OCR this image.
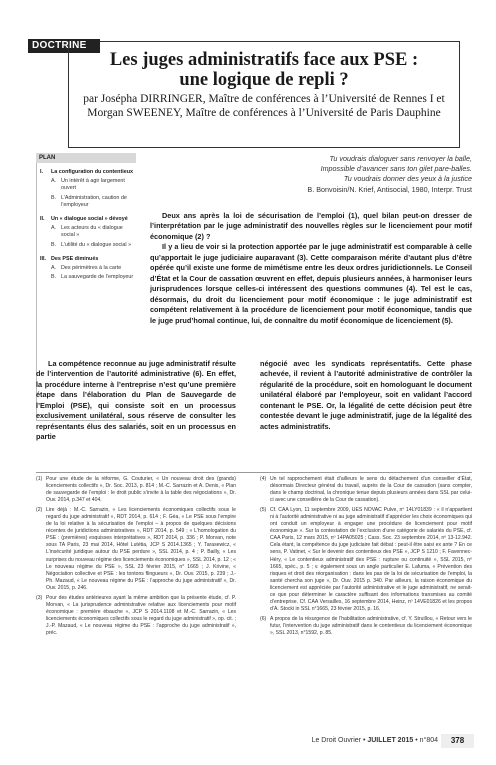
DOCTRINE
Les juges administratifs face aux PSE :
une logique de repli ?
par Josépha DIRRINGER, Maître de conférences à l’Université de Rennes I et
Morgan SWEENEY, Maître de conférences à l’Université de Paris Dauphine
PLAN
I.	La configuration du contentieux
A. Un intérêt à agir largement ouvert
B. L’Administration, caution de l’employeur
II.	Un « dialogue social » dévoyé
A. Les acteurs du « dialogue social »
B. L’utilité du « dialogue social »
III. Des PSE diminués
A. Des périmètres à la carte
B. La sauvegarde de l’employeur
Tu voudrais dialoguer sans renvoyer la balle,
Impossible d’avancer sans ton gilet pare-balles.
Tu voudrais donner des yeux à la justice
B. Bonvoisin/N. Krief, Antisocial, 1980, Interpr. Trust

Deux ans après la loi de sécurisation de l’emploi (1), quel bilan peut-on dresser de l’interprétation par le juge administratif des nouvelles règles sur le licenciement pour motif économique (2) ?

Il y a lieu de voir si la protection apportée par le juge administratif est comparable à celle qu’apportait le juge judiciaire auparavant (3). Cette comparaison mérite d’autant plus d’être opérée qu’il existe une forme de mimétisme entre les deux ordres juridictionnels. Le Conseil d’État et la Cour de cassation œuvrent en effet, depuis plusieurs années, à harmoniser leurs jurisprudences lorsque celles-ci intéressent des questions communes (4). Tel est le cas, désormais, du droit du licenciement pour motif économique : le juge administratif est compétent relativement à la procédure de licenciement pour motif économique, tandis que le juge prud’homal continue, lui, de connaître du motif économique de licenciement (5).

La compétence reconnue au juge administratif résulte de l’intervention de l’autorité administrative (6). En effet, la procédure interne à l’entreprise n’est qu’une première étape dans l’élaboration du Plan de Sauvegarde de l’Emploi (PSE), qui consiste soit en un processus exclusivement unilatéral, sous réserve de consulter les représentants élus des salariés, soit en un processus en partie

négocié avec les syndicats représentatifs. Cette phase achevée, il revient à l’autorité administrative de contrôler la régularité de la procédure, soit en homologuant le document unilatéral élaboré par l’employeur, soit en validant l’accord contenant le PSE. Or, la légalité de cette décision peut être contestée devant le juge administratif, juge de la légalité des actes administratifs.

(1) Pour une étude de la réforme, G. Couturier, « Un nouveau droit des (grands) licenciements collectifs », Dr. Soc. 2013, p. 814 ; M.-C. Sarrazin et A. Denis, « Plan de sauvegarde de l’emploi : le droit public s’invite à la table des négociations », Dr. Ouv. 2014, p.347 et 404.
(2) Lire déjà : M.-C. Sarrazin, « Les licenciements économiques collectifs sous le regard du juge administratif », RDT 2014, p. 614 ; F. Géa, « Le PSE sous l’empire de la loi relative à la sécurisation de l’emploi – à propos de quelques décisions récentes de juridictions administratives », RDT 2014, p. 549 ; « L’homologation du PSE : (premières) esquisses interprétatives », RDT 2014, p. 336 ; P. Morvan, note sous TA Paris, 23 mai 2014, Hôtel Lutétia, JCP S 2014.1365 ; Y. Tarasewicz, « L’insécurité juridique autour du PSE perdure », SSL 2014, p. 4 ; P. Bailly, « Les surprises du nouveau régime des licenciements économiques », SSL 2014, p. 12 ; « Le nouveau régime du PSE », SSL 23 février 2015, n° 1665 ; J. Krivine, « Négociation collective et PSE : les tontons flingueurs », Dr. Ouv. 2015, p. 239 ; J.-Ph. Mazaud, « Le nouveau régime du PSE : l’approche du juge administratif », Dr. Ouv. 2015, p. 246.
(3) Pour des études antérieures ayant la même ambition que la présente étude, cf. P. Morvan, « La jurisprudence administrative relative aux licenciements pour motif économique : première ébauche », JCP S 2014.1108 et M.-C. Sarrazin, « Les licenciements économiques collectifs sous le regard du juge administratif », op. cit. ; J.-P. Mazaud, « Le nouveau régime du PSE : l’approche du juge administratif », préc.
(4) Un tel rapprochement était d’ailleurs le sens du détachement d’un conseiller d’État, désormais Directeur général du travail, auprès de la Cour de cassation (sans compter, dans le champ doctrinal, la chronique tenue depuis plusieurs années dans SSL par celui-ci avec une conseillère de la Cour de cassation).
(5) Cf. CAA Lyon, 11 septembre 2009, UES NOVAC Pulve, nº 14LY01839 : « il n’appartient ni à l’autorité administrative ni au juge administratif d’apprécier les choix économiques qui ont conduit un employeur à engager une procédure de licenciement pour motif économique ». Sur la contestation de l’exclusion d’une catégorie de salariés du PSE, cf. CAA Paris, 12 mars 2015, nº 14PA05025 ; Cass. Soc. 23 septembre 2014, nº 13-12.942. Cela étant, la compétence du juge judiciaire fait débat : peut-il être saisi ex ante ? En ce sens, P. Vatinet, « Sur le devenir des contentieux des PSE », JCP S 1210 ; F. Favennec-Héry, « Le contentieux administratif des PSE : rupture ou continuité », SSL 2015, nº 1665, spéc., p. 5 ; v. également sous un angle particulier E. Lafuma, « Prévention des risques et droit des réorganisation : dans les pas de la loi de sécurisation de l’emploi, la santé chercha son juge », Dr. Ouv. 2015 p. 340. Par ailleurs, la raison économique du licenciement est appréciée par l’autorité administrative et le juge administratif, ne serait-ce que pour déterminer le caractère suffisant des informations transmises au comité d’entreprise. Cf. CAA Versailles, 16 septembre 2014, Heinz, nº 14VE01826 et les propos d’A. Stocki in SSL n°1665, 23 février 2015, p. 16.
(6) A propos de la résurgence de l’habilitation administrative, cf. Y. Struillou, « Retour vers le futur, l’intervention du juge administratif dans le contentieux du licenciement économique », SSL 2013, n°1592, p. 85.
Le Droit Ouvrier • JUILLET 2015 • n°804	378
